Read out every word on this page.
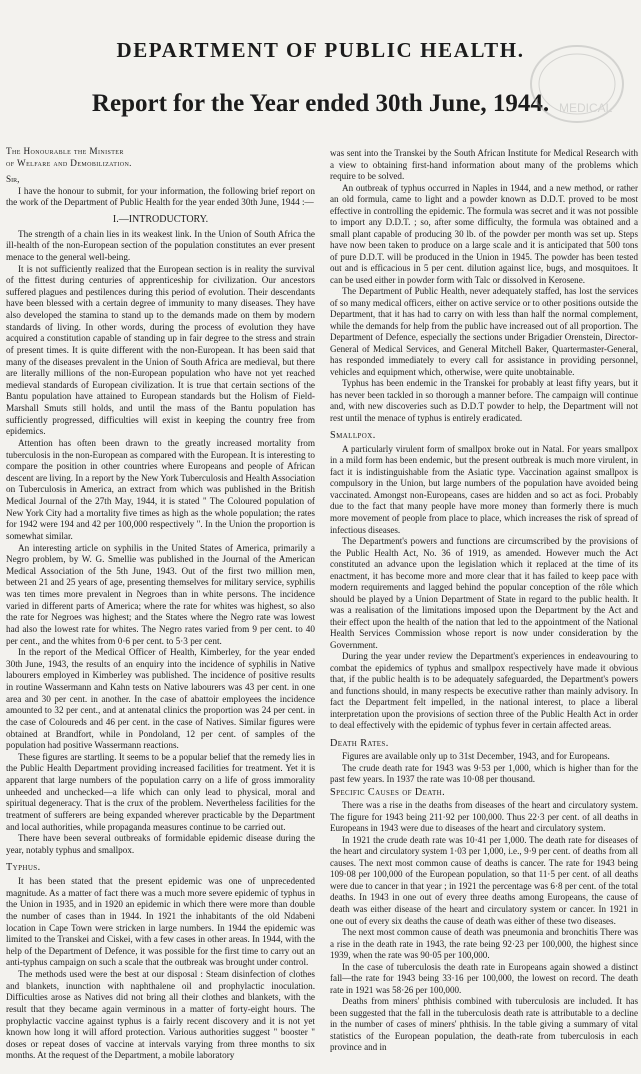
DEPARTMENT OF PUBLIC HEALTH.
Report for the Year ended 30th June, 1944. MEDICAL
The Honourable the Minister
of Welfare and Demobilization.

Sir,

I have the honour to submit, for your information, the following brief report on the work of the Department of Public Health for the year ended 30th June, 1944 :—

I.—INTRODUCTORY.

The strength of a chain lies in its weakest link. In the Union of South Africa the ill-health of the non-European section of the population constitutes an ever present menace to the general well-being.

It is not sufficiently realized that the European section is in reality the survival of the fittest during centuries of apprenticeship for civilization. Our ancestors suffered plagues and pestilences during this period of evolution. Their descendants have been blessed with a certain degree of immunity to many diseases. They have also developed the stamina to stand up to the demands made on them by modern standards of living. In other words, during the process of evolution they have acquired a constitution capable of standing up in fair degree to the stress and strain of present times. It is quite different with the non-European. It has been said that many of the diseases prevalent in the Union of South Africa are medieval, but there are literally millions of the non-European population who have not yet reached medieval standards of European civilization. It is true that certain sections of the Bantu population have attained to European standards but the Holism of Field-Marshall Smuts still holds, and until the mass of the Bantu population has sufficiently progressed, difficulties will exist in keeping the country free from epidemics.

Attention has often been drawn to the greatly increased mortality from tuberculosis in the non-European as compared with the European. It is interesting to compare the position in other countries where Europeans and people of African descent are living. In a report by the New York Tuberculosis and Health Association on Tuberculosis in America, an extract from which was published in the British Medical Journal of the 27th May, 1944, it is stated " The Coloured population of New York City had a mortality five times as high as the whole population; the rates for 1942 were 194 and 42 per 100,000 respectively ". In the Union the proportion is somewhat similar.

An interesting article on syphilis in the United States of America, primarily a Negro problem, by W. G. Smellie was published in the Journal of the American Medical Association of the 5th June, 1943. Out of the first two million men, between 21 and 25 years of age, presenting themselves for military service, syphilis was ten times more prevalent in Negroes than in white persons. The incidence varied in different parts of America; where the rate for whites was highest, so also the rate for Negroes was highest; and the States where the Negro rate was lowest had also the lowest rate for whites. The Negro rates varied from 9 per cent. to 40 per cent., and the whites from 0·6 per cent. to 5·3 per cent.

In the report of the Medical Officer of Health, Kimberley, for the year ended 30th June, 1943, the results of an enquiry into the incidence of syphilis in Native labourers employed in Kimberley was published. The incidence of positive results in routine Wassermann and Kahn tests on Native labourers was 43 per cent. in one area and 30 per cent. in another. In the case of abattoir employees the incidence amounted to 32 per cent., and at antenatal clinics the proportion was 24 per cent. in the case of Coloureds and 46 per cent. in the case of Natives. Similar figures were obtained at Brandfort, while in Pondoland, 12 per cent. of samples of the population had positive Wassermann reactions.

These figures are startling. It seems to be a popular belief that the remedy lies in the Public Health Department providing increased facilities for treatment. Yet it is apparent that large numbers of the population carry on a life of gross immorality unheeded and unchecked—a life which can only lead to physical, moral and spiritual degeneracy. That is the crux of the problem. Nevertheless facilities for the treatment of sufferers are being expanded wherever practicable by the Department and local authorities, while propaganda measures continue to be carried out.

There have been several outbreaks of formidable epidemic disease during the year, notably typhus and smallpox.

Typhus.

It has been stated that the present epidemic was one of unprecedented magnitude. As a matter of fact there was a much more severe epidemic of typhus in the Union in 1935, and in 1920 an epidemic in which there were more than double the number of cases than in 1944. In 1921 the inhabitants of the old Ndabeni location in Cape Town were stricken in large numbers. In 1944 the epidemic was limited to the Transkei and Ciskei, with a few cases in other areas. In 1944, with the help of the Department of Defence, it was possible for the first time to carry out an anti-typhus campaign on such a scale that the outbreak was brought under control.

The methods used were the best at our disposal : Steam disinfection of clothes and blankets, inunction with naphthalene oil and prophylactic inoculation. Difficulties arose as Natives did not bring all their clothes and blankets, with the result that they became again verminous in a matter of forty-eight hours. The prophylactic vaccine against typhus is a fairly recent discovery and it is not yet known how long it will afford protection. Various authorities suggest " booster " doses or repeat doses of vaccine at intervals varying from three months to six months. At the request of the Department, a mobile laboratory

was sent into the Transkei by the South African Institute for Medical Research with a view to obtaining first-hand information about many of the problems which require to be solved.

An outbreak of typhus occurred in Naples in 1944, and a new method, or rather an old formula, came to light and a powder known as D.D.T. proved to be most effective in controlling the epidemic. The formula was secret and it was not possible to import any D.D.T. ; so, after some difficulty, the formula was obtained and a small plant capable of producing 30 lb. of the powder per month was set up. Steps have now been taken to produce on a large scale and it is anticipated that 500 tons of pure D.D.T. will be produced in the Union in 1945. The powder has been tested out and is efficacious in 5 per cent. dilution against lice, bugs, and mosquitoes. It can be used either in powder form with Talc or dissolved in Kerosene.

The Department of Public Health, never adequately staffed, has lost the services of so many medical officers, either on active service or to other positions outside the Department, that it has had to carry on with less than half the normal complement, while the demands for help from the public have increased out of all proportion. The Department of Defence, especially the sections under Brigadier Orenstein, Director-General of Medical Services, and General Mitchell Baker, Quartermaster-General, has responded immediately to every call for assistance in providing personnel, vehicles and equipment which, otherwise, were quite unobtainable.

Typhus has been endemic in the Transkei for probably at least fifty years, but it has never been tackled in so thorough a manner before. The campaign will continue and, with new discoveries such as D.D.T powder to help, the Department will not rest until the menace of typhus is entirely eradicated.

Smallpox.

A particularly virulent form of smallpox broke out in Natal. For years smallpox in a mild form has been endemic, but the present outbreak is much more virulent, in fact it is indistinguishable from the Asiatic type. Vaccination against smallpox is compulsory in the Union, but large numbers of the population have avoided being vaccinated. Amongst non-Europeans, cases are hidden and so act as foci. Probably due to the fact that many people have more money than formerly there is much more movement of people from place to place, which increases the risk of spread of infectious diseases.

The Department's powers and functions are circumscribed by the provisions of the Public Health Act, No. 36 of 1919, as amended. However much the Act constituted an advance upon the legislation which it replaced at the time of its enactment, it has become more and more clear that it has failed to keep pace with modern requirements and lagged behind the popular conception of the rôle which should be played by a Union Department of State in regard to the public health. It was a realisation of the limitations imposed upon the Department by the Act and their effect upon the health of the nation that led to the appointment of the National Health Services Commission whose report is now under consideration by the Government.

During the year under review the Department's experiences in endeavouring to combat the epidemics of typhus and smallpox respectively have made it obvious that, if the public health is to be adequately safeguarded, the Department's powers and functions should, in many respects be executive rather than mainly advisory. In fact the Department felt impelled, in the national interest, to place a liberal interpretation upon the provisions of section three of the Public Health Act in order to deal effectively with the epidemic of typhus fever in certain affected areas.

Death Rates.

Figures are available only up to 31st December, 1943, and for Europeans.

The crude death rate for 1943 was 9·53 per 1,000, which is higher than for the past few years. In 1937 the rate was 10·08 per thousand.

Specific Causes of Death.

There was a rise in the deaths from diseases of the heart and circulatory system. The figure for 1943 being 211·92 per 100,000. Thus 22·3 per cent. of all deaths in Europeans in 1943 were due to diseases of the heart and circulatory system.

In 1921 the crude death rate was 10·41 per 1,000. The death rate for diseases of the heart and circulatory system 1·03 per 1,000, i.e., 9·9 per cent. of deaths from all causes. The next most common cause of deaths is cancer. The rate for 1943 being 109·08 per 100,000 of the European population, so that 11·5 per cent. of all deaths were due to cancer in that year ; in 1921 the percentage was 6·8 per cent. of the total deaths. In 1943 in one out of every three deaths among Europeans, the cause of death was either disease of the heart and circulatory system or cancer. In 1921 in one out of every six deaths the cause of death was either of these two diseases.

The next most common cause of death was pneumonia and bronchitis There was a rise in the death rate in 1943, the rate being 92·23 per 100,000, the highest since 1939, when the rate was 90·05 per 100,000.

In the case of tuberculosis the death rate in Europeans again showed a distinct fall—the rate for 1943 being 33·16 per 100,000, the lowest on record. The death rate in 1921 was 58·26 per 100,000.

Deaths from miners' phthisis combined with tuberculosis are included. It has been suggested that the fall in the tuberculosis death rate is attributable to a decline in the number of cases of miners' phthisis. In the table giving a summary of vital statistics of the European population, the death-rate from tuberculosis in each province and in
